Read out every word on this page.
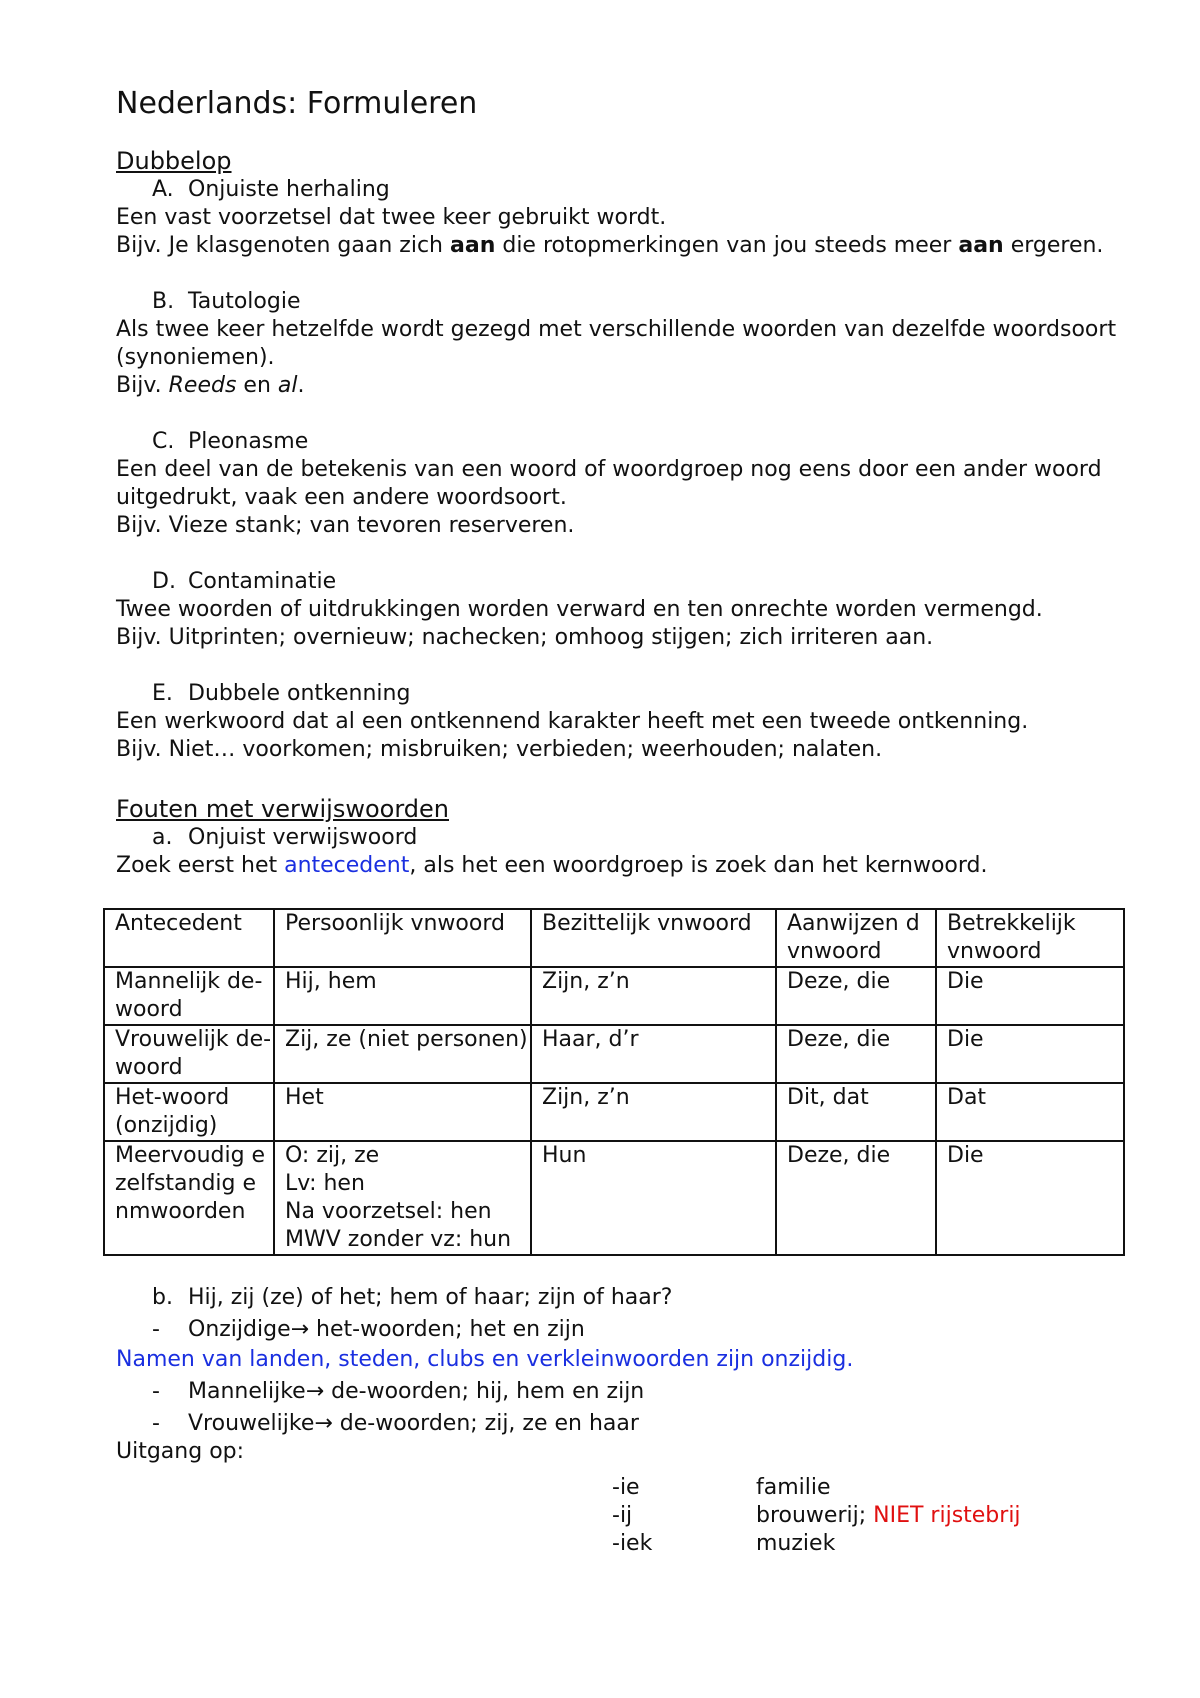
Nederlands: Formuleren
Dubbelop
A. Onjuiste herhaling

Een vast voorzetsel dat twee keer gebruikt wordt.

Bijv. Je klasgenoten gaan zich aan die rotopmerkingen van jou steeds meer aan ergeren.

B. Tautologie

Als twee keer hetzelfde wordt gezegd met verschillende woorden van dezelfde woordsoort (synoniemen).

Bijv. Reeds en al.

C. Pleonasme

Een deel van de betekenis van een woord of woordgroep nog eens door een ander woord uitgedrukt, vaak een andere woordsoort.

Bijv. Vieze stank; van tevoren reserveren.

D. Contaminatie

Twee woorden of uitdrukkingen worden verward en ten onrechte worden vermengd.

Bijv. Uitprinten; overnieuw; nachecken; omhoog stijgen; zich irriteren aan.

E. Dubbele ontkenning

Een werkwoord dat al een ontkennend karakter heeft met een tweede ontkenning.

Bijv. Niet… voorkomen; misbruiken; verbieden; weerhouden; nalaten.

Fouten met verwijswoorden
a. Onjuist verwijswoord

Zoek eerst het antecedent, als het een woordgroep is zoek dan het kernwoord.

Antecedent	Persoonlijk vnwoord	Bezittelijk vnwoord	Aanwijzen d vnwoord	Betrekkelijk vnwoord
Mannelijk de-woord	Hij, hem	Zijn, z’n	Deze, die	Die
Vrouwelijk de-woord	Zij, ze (niet personen)	Haar, d’r	Deze, die	Die
Het-woord (onzijdig)	Het	Zijn, z’n	Dit, dat	Dat
Meervoudig e zelfstandig e nmwoorden	O: zij, ze
Lv: hen
Na voorzetsel: hen
MWV zonder vz: hun	Hun	Deze, die	Die
b. Hij, zij (ze) of het; hem of haar; zijn of haar?
-	Onzijdige→ het-woorden; het en zijn

Namen van landen, steden, clubs en verkleinwoorden zijn onzijdig.

-	Mannelijke→ de-woorden; hij, hem en zijn
-	Vrouwelijke→ de-woorden; zij, ze en haar

Uitgang op:

-ie	familie
-ij	brouwerij; NIET rijstebrij
-iek	muziek
